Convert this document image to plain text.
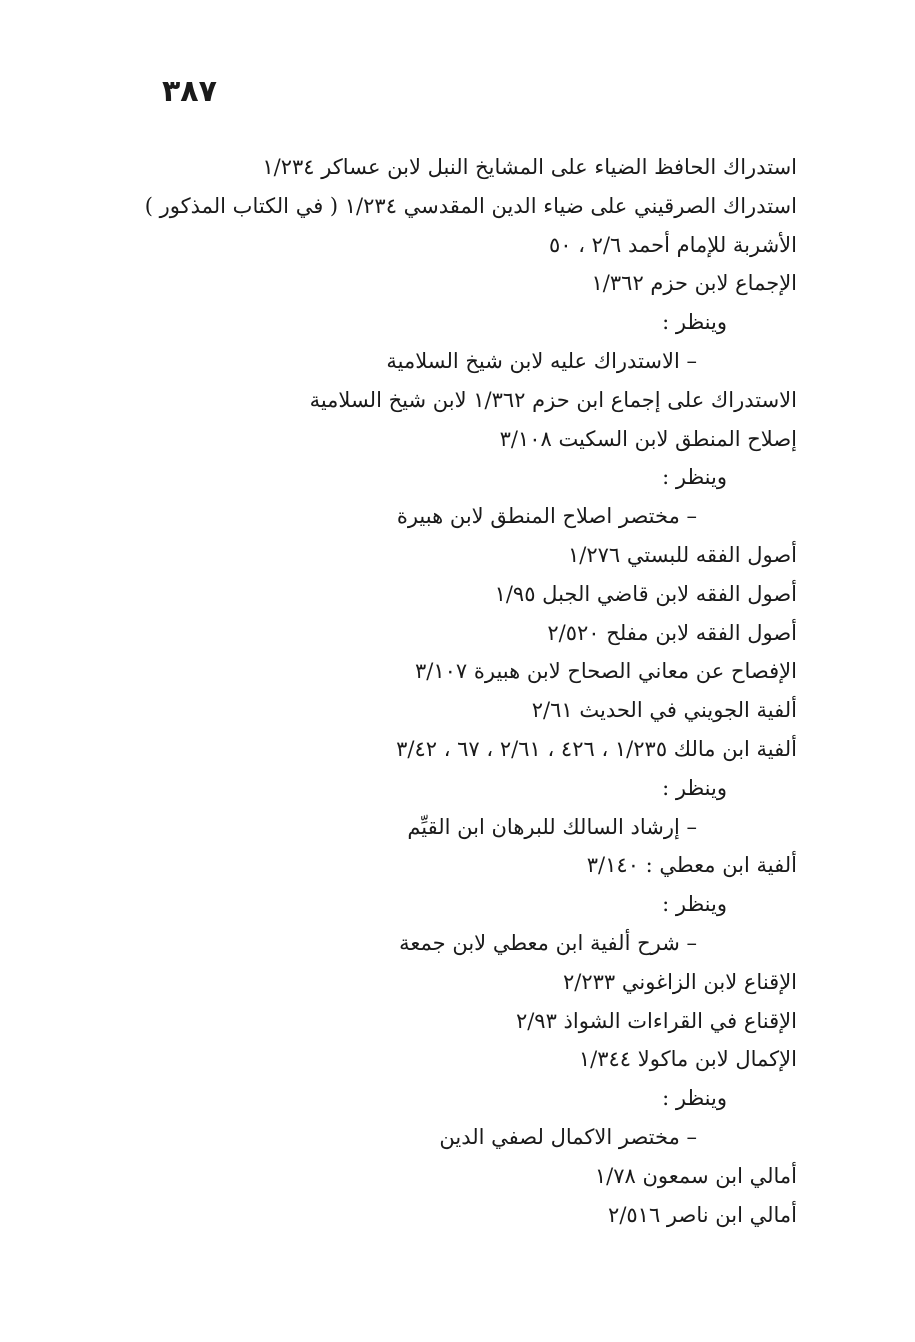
٣٨٧
استدراك الحافظ الضياء على المشايخ النبل لابن عساكر ١/٢٣٤
استدراك الصرقيني على ضياء الدين المقدسي ١/٢٣٤ ( في الكتاب المذكور )
الأشربة للإمام أحمد ٢/٦ ، ٥٠
الإجماع لابن حزم ١/٣٦٢
وينظر :
– الاستدراك عليه لابن شيخ السلامية
الاستدراك على إجماع ابن حزم ١/٣٦٢ لابن شيخ السلامية
إصلاح المنطق لابن السكيت ٣/١٠٨
وينظر :
– مختصر اصلاح المنطق لابن هبيرة
أصول الفقه للبستي ١/٢٧٦
أصول الفقه لابن قاضي الجبل ١/٩٥
أصول الفقه لابن مفلح ٢/٥٢٠
الإفصاح عن معاني الصحاح لابن هبيرة ٣/١٠٧
ألفية الجويني في الحديث ٢/٦١
ألفية ابن مالك ١/٢٣٥ ، ٤٢٦ ، ٢/٦١ ، ٦٧ ، ٣/٤٢
وينظر :
– إرشاد السالك للبرهان ابن القيِّم
ألفية ابن معطي : ٣/١٤٠
وينظر :
– شرح ألفية ابن معطي لابن جمعة
الإقناع لابن الزاغوني ٢/٢٣٣
الإقناع في القراءات الشواذ ٢/٩٣
الإكمال لابن ماكولا ١/٣٤٤
وينظر :
– مختصر الاكمال لصفي الدين
أمالي ابن سمعون ١/٧٨
أمالي ابن ناصر ٢/٥١٦
